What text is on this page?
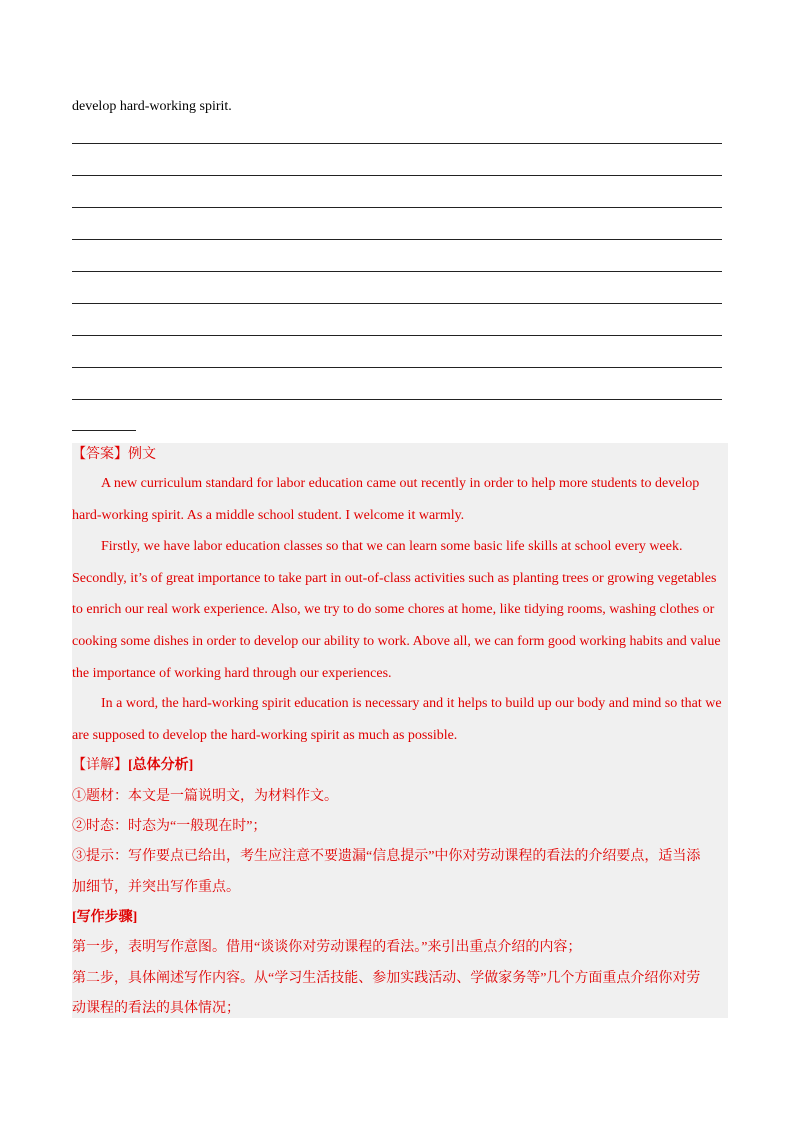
develop hard-working spirit.
【答案】例文
A new curriculum standard for labor education came out recently in order to help more students to develop
hard-working spirit. As a middle school student. I welcome it warmly.
Firstly, we have labor education classes so that we can learn some basic life skills at school every week.
Secondly, it’s of great importance to take part in out-of-class activities such as planting trees or growing vegetables
to enrich our real work experience. Also, we try to do some chores at home, like tidying rooms, washing clothes or
cooking some dishes in order to develop our ability to work. Above all, we can form good working habits and value
the importance of working hard through our experiences.
In a word, the hard-working spirit education is necessary and it helps to build up our body and mind so that we
are supposed to develop the hard-working spirit as much as possible.
【详解】[总体分析]
①题材：本文是一篇说明文，为材料作文。
②时态：时态为“一般现在时”；
③提示：写作要点已给出，考生应注意不要遗漏“信息提示”中你对劳动课程的看法的介绍要点，适当添
加细节，并突出写作重点。
[写作步骤]
第一步，表明写作意图。借用“谈谈你对劳动课程的看法。”来引出重点介绍的内容；
第二步，具体阐述写作内容。从“学习生活技能、参加实践活动、学做家务等”几个方面重点介绍你对劳
动课程的看法的具体情况；
